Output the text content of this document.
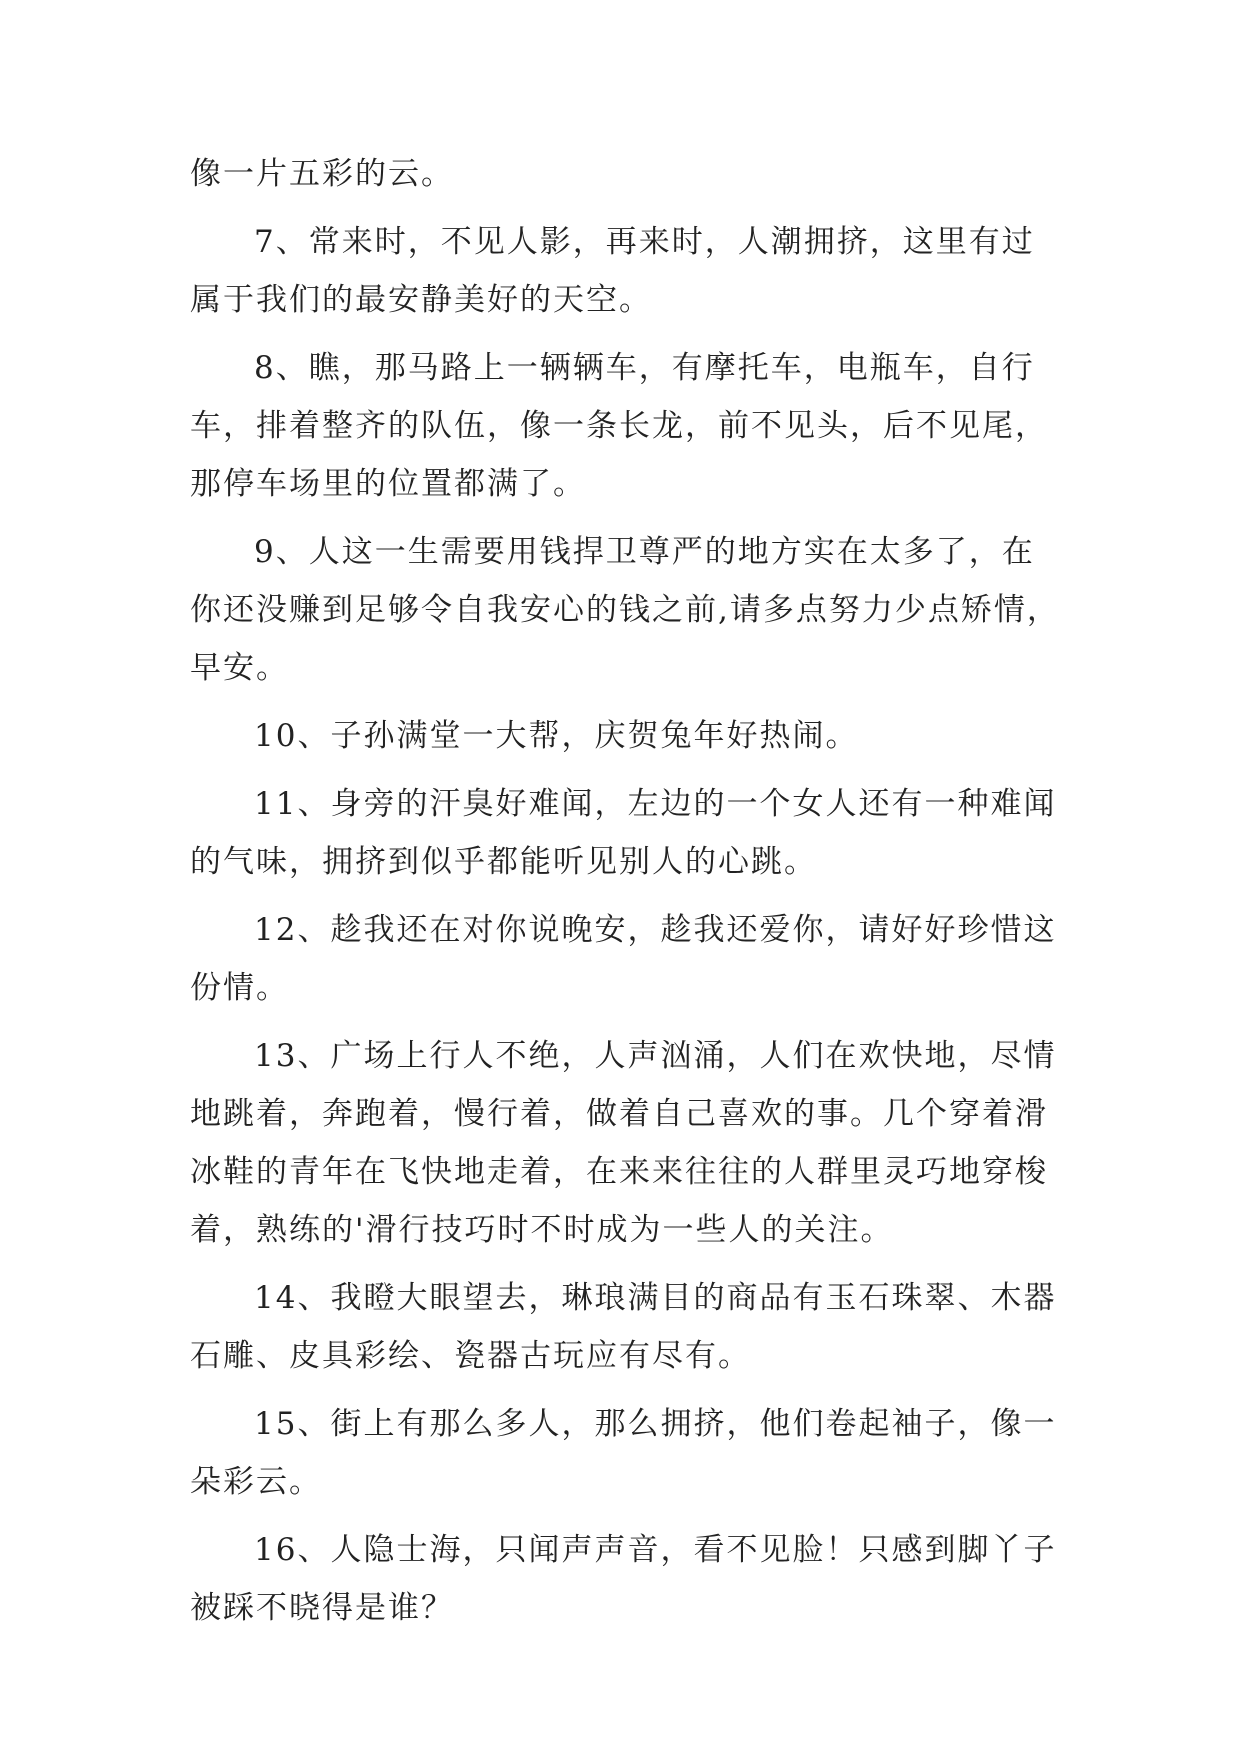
像一片五彩的云。

7、常来时，不见人影，再来时，人潮拥挤，这里有过属于我们的最安静美好的天空。

8、瞧，那马路上一辆辆车，有摩托车，电瓶车，自行车，排着整齐的队伍，像一条长龙，前不见头，后不见尾，那停车场里的位置都满了。

9、人这一生需要用钱捍卫尊严的地方实在太多了，在你还没赚到足够令自我安心的钱之前,请多点努力少点矫情，早安。

10、子孙满堂一大帮，庆贺兔年好热闹。

11、身旁的汗臭好难闻，左边的一个女人还有一种难闻的气味，拥挤到似乎都能听见别人的心跳。

12、趁我还在对你说晚安，趁我还爱你，请好好珍惜这份情。

13、广场上行人不绝，人声汹涌，人们在欢快地，尽情地跳着，奔跑着，慢行着，做着自己喜欢的事。几个穿着滑冰鞋的青年在飞快地走着，在来来往往的人群里灵巧地穿梭着，熟练的'滑行技巧时不时成为一些人的关注。

14、我瞪大眼望去，琳琅满目的商品有玉石珠翠、木器石雕、皮具彩绘、瓷器古玩应有尽有。

15、街上有那么多人，那么拥挤，他们卷起袖子，像一朵彩云。

16、人隐士海，只闻声声音，看不见脸！只感到脚丫子被踩不晓得是谁？
